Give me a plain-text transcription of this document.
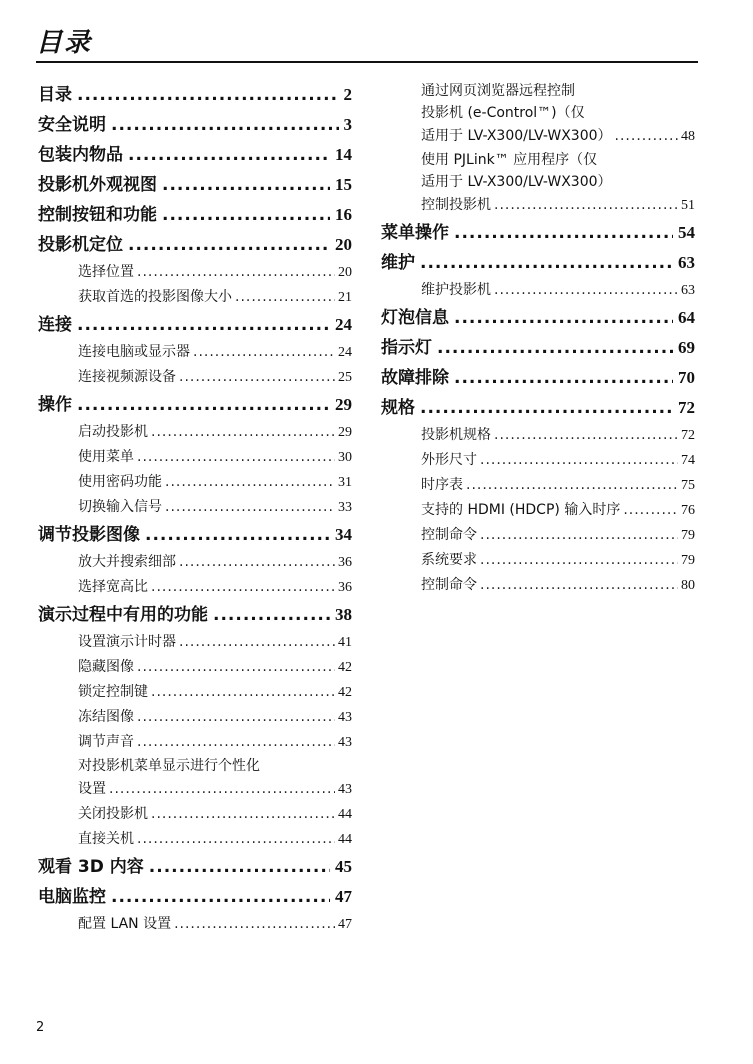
目录
目录 .....	2
安全说明 .....	3
包装内物品 .....	14
投影机外观视图 .....	15
控制按钮和功能 .....	16
投影机定位 .....	20
选择位置 .....	20
获取首选的投影图像大小 .....	21
连接 .....	24
连接电脑或显示器 .....	24
连接视频源设备 .....	25
操作 .....	29
启动投影机 .....	29
使用菜单 .....	30
使用密码功能 .....	31
切换输入信号 .....	33
调节投影图像 .....	34
放大并搜索细部 .....	36
选择宽高比 .....	36
演示过程中有用的功能 .....	38
设置演示计时器 .....	41
隐藏图像 .....	42
锁定控制键 .....	42
冻结图像 .....	43
调节声音 .....	43
对投影机菜单显示进行个性化
设置 .....	43
关闭投影机 .....	44
直接关机 .....	44
观看 3D 内容 .....	45
电脑监控 .....	47
配置 LAN 设置 .....	47
通过网页浏览器远程控制
投影机 (e-Control™)（仅
适用于 LV-X300/LV-WX300） .....	48
使用 PJLink™ 应用程序（仅
适用于 LV-X300/LV-WX300）
控制投影机 .....	51
菜单操作 .....	54
维护 .....	63
维护投影机 .....	63
灯泡信息 .....	64
指示灯 .....	69
故障排除 .....	70
规格 .....	72
投影机规格 .....	72
外形尺寸 .....	74
时序表 .....	75
支持的 HDMI (HDCP) 输入时序 .....	76
控制命令 .....	79
系统要求 .....	79
控制命令 .....	80
2
